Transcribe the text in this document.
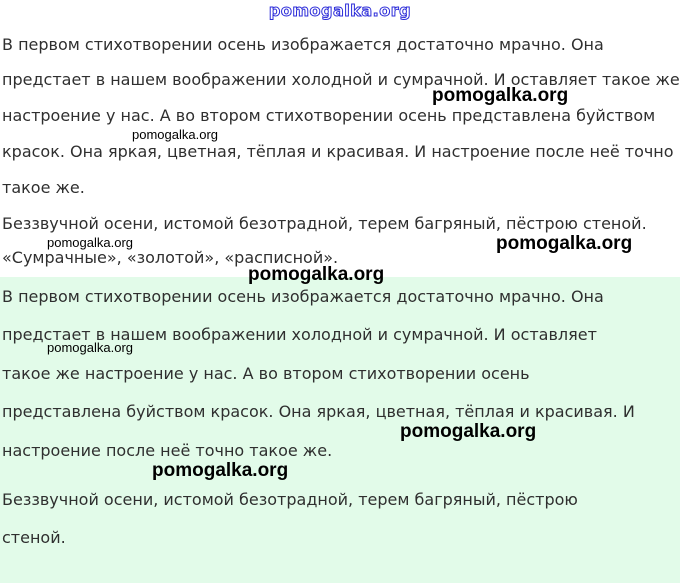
pomogalka.org
В первом стихотворении осень изображается достаточно мрачно. Она
предстает в нашем воображении холодной и сумрачной. И оставляет такое же
настроение у нас. А во втором стихотворении осень представлена буйством
красок. Она яркая, цветная, тёплая и красивая. И настроение после неё точно
такое же.
Беззвучной осени, истомой безотрадной, терем багряный, пёстрою стеной.
«Сумрачные», «золотой», «расписной».
В первом стихотворении осень изображается достаточно мрачно. Она
предстает в нашем воображении холодной и сумрачной. И оставляет
такое же настроение у нас. А во втором стихотворении осень
представлена буйством красок. Она яркая, цветная, тёплая и красивая. И
настроение после неё точно такое же.
Беззвучной осени, истомой безотрадной, терем багряный, пёстрою
стеной.
pomogalka.org
pomogalka.org
pomogalka.org	pomogalka.org
pomogalka.org
pomogalka.org
pomogalka.org
pomogalka.org
